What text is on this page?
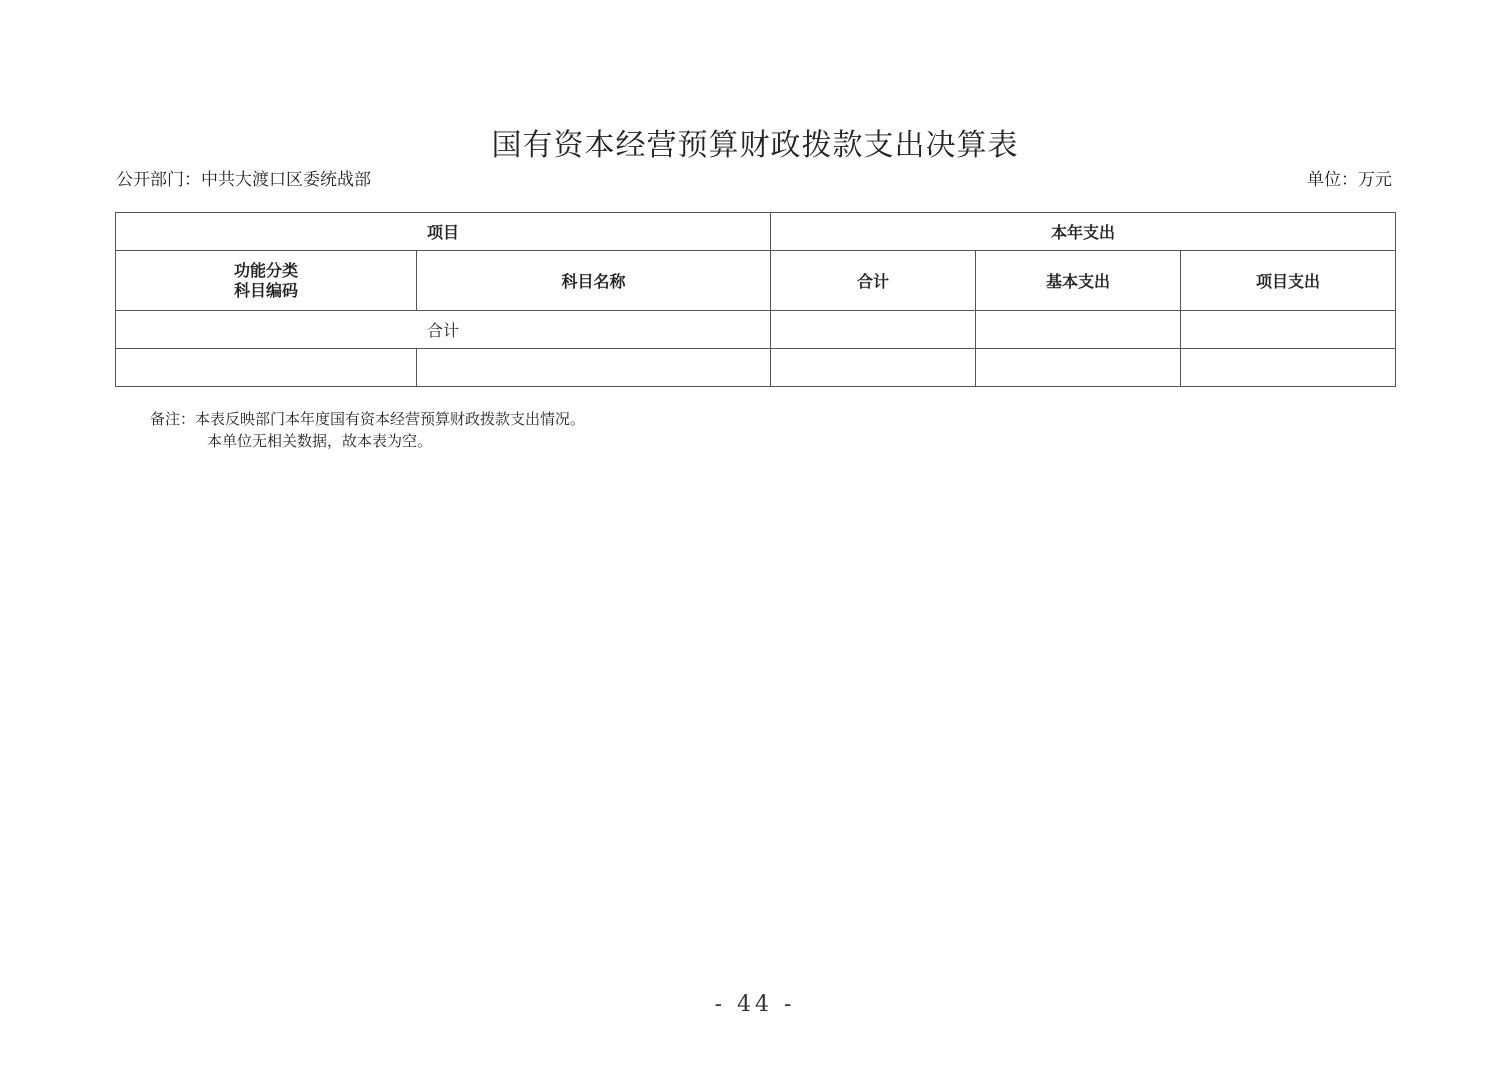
国有资本经营预算财政拨款支出决算表
公开部门：中共大渡口区委统战部	单位：万元
项目		本年支出		

功能分类
科目编码	科目名称	合计	基本支出	项目支出
合计				

备注：本表反映部门本年度国有资本经营预算财政拨款支出情况。
本单位无相关数据，故本表为空。
- 44 -
